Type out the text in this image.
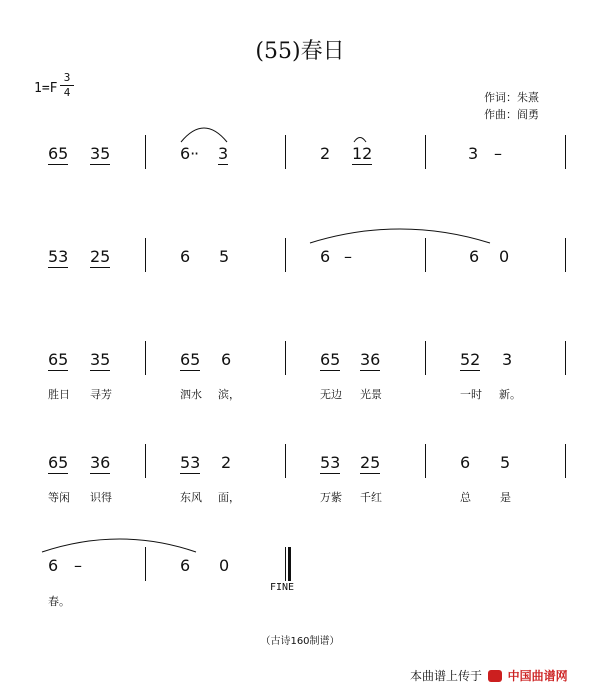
(55)春日
1=F
3
4	作词：朱熹
作曲：阎勇
65 35	6· 3	2 12	3 –
53 25	6 5	6 –	6 0
65 35	65 6	65 36	52 3
胜日 寻芳	泗水 滨，	无边 光景	一时 新。
65 36	53 2	53 25	6 5
等闲 识得	东风 面，	万紫 千红	总	是
6 –	6 0
春。
FINE
·
（古诗160制谱）
本曲谱上传于 中国曲谱网
